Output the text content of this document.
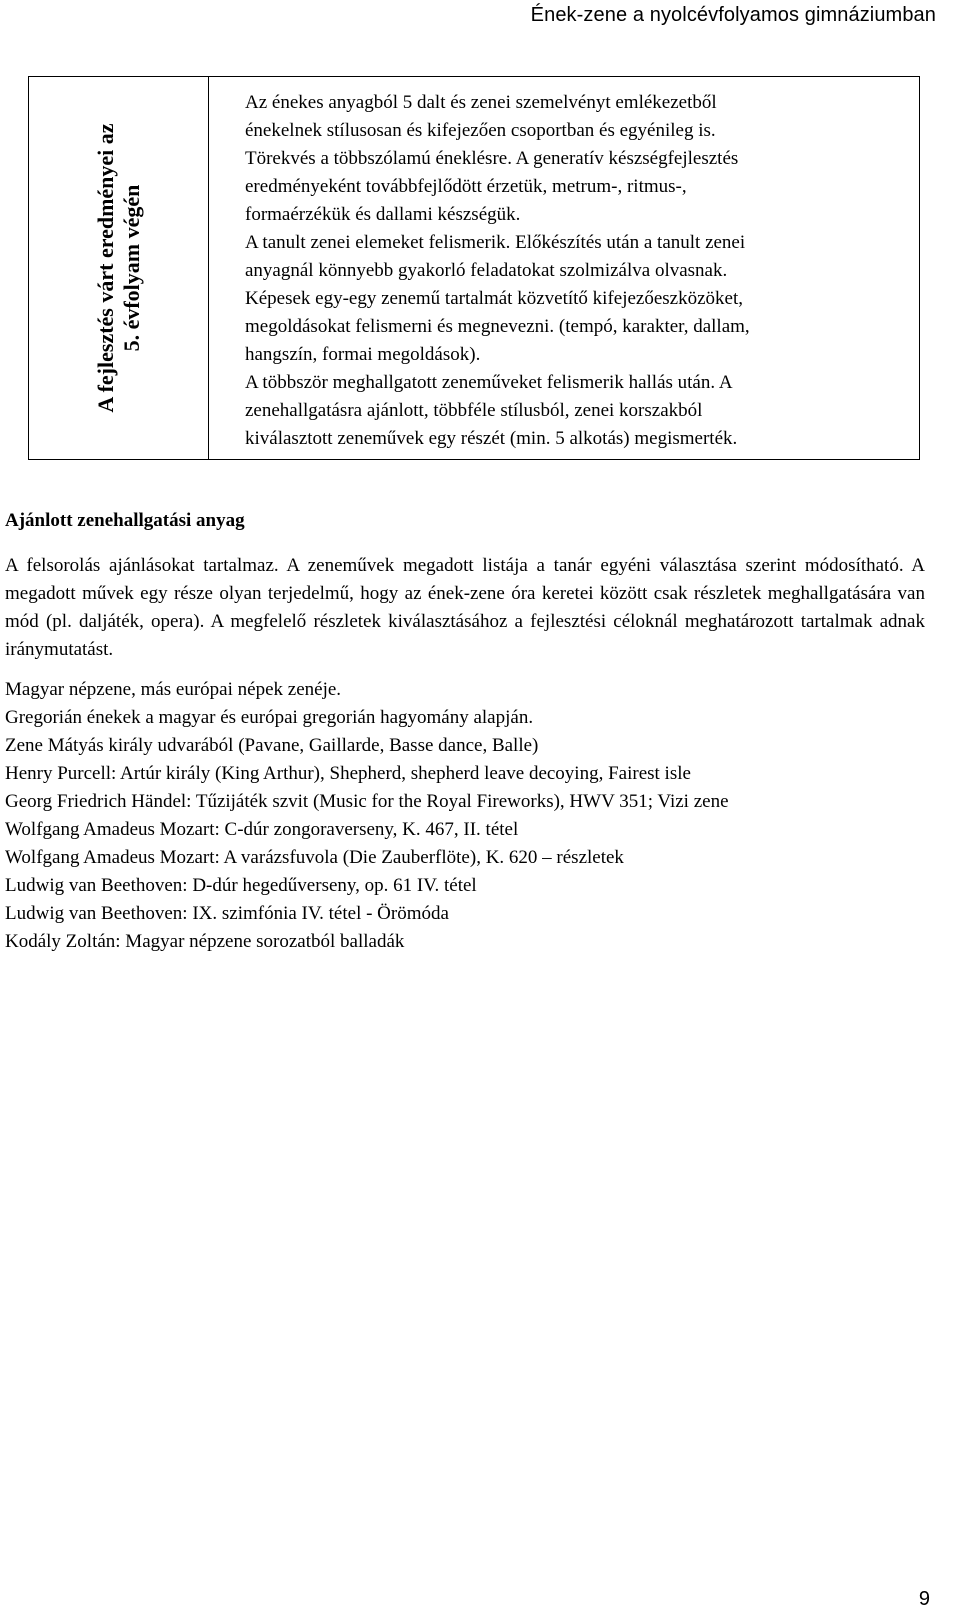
Ének-zene a nyolcévfolyamos gimnáziumban
A fejlesztés várt eredményei az 5. évfolyam végén

Az énekes anyagból 5 dalt és zenei szemelvényt emlékezetből

énekelnek stílusosan és kifejezően csoportban és egyénileg is.

Törekvés a többszólamú éneklésre. A generatív készségfejlesztés

eredményeként továbbfejlődött érzetük, metrum-, ritmus-,

formaérzékük és dallami készségük.

A tanult zenei elemeket felismerik. Előkészítés után a tanult zenei

anyagnál könnyebb gyakorló feladatokat szolmizálva olvasnak.

Képesek egy-egy zenemű tartalmát közvetítő kifejezőeszközöket,

megoldásokat felismerni és megnevezni. (tempó, karakter, dallam,

hangszín, formai megoldások).

A többször meghallgatott zeneműveket felismerik hallás után. A

zenehallgatásra ajánlott, többféle stílusból, zenei korszakból

kiválasztott zeneművek egy részét (min. 5 alkotás) megismerték.

Ajánlott zenehallgatási anyag

A felsorolás ajánlásokat tartalmaz. A zeneművek megadott listája a tanár egyéni választása szerint módosítható. A megadott művek egy része olyan terjedelmű, hogy az ének-zene óra keretei között csak részletek meghallgatására van mód (pl. daljáték, opera). A megfelelő részletek kiválasztásához a fejlesztési céloknál meghatározott tartalmak adnak iránymutatást.

Magyar népzene, más európai népek zenéje.
Gregorián énekek a magyar és európai gregorián hagyomány alapján.
Zene Mátyás király udvarából (Pavane, Gaillarde, Basse dance, Balle)
Henry Purcell: Artúr király (King Arthur), Shepherd, shepherd leave decoying, Fairest isle
Georg Friedrich Händel: Tűzijáték szvit (Music for the Royal Fireworks), HWV 351; Vizi zene
Wolfgang Amadeus Mozart: C-dúr zongoraverseny, K. 467, II. tétel
Wolfgang Amadeus Mozart: A varázsfuvola (Die Zauberflöte), K. 620 – részletek
Ludwig van Beethoven: D-dúr hegedűverseny, op. 61 IV. tétel
Ludwig van Beethoven: IX. szimfónia IV. tétel - Örömóda
Kodály Zoltán: Magyar népzene sorozatból balladák
9
